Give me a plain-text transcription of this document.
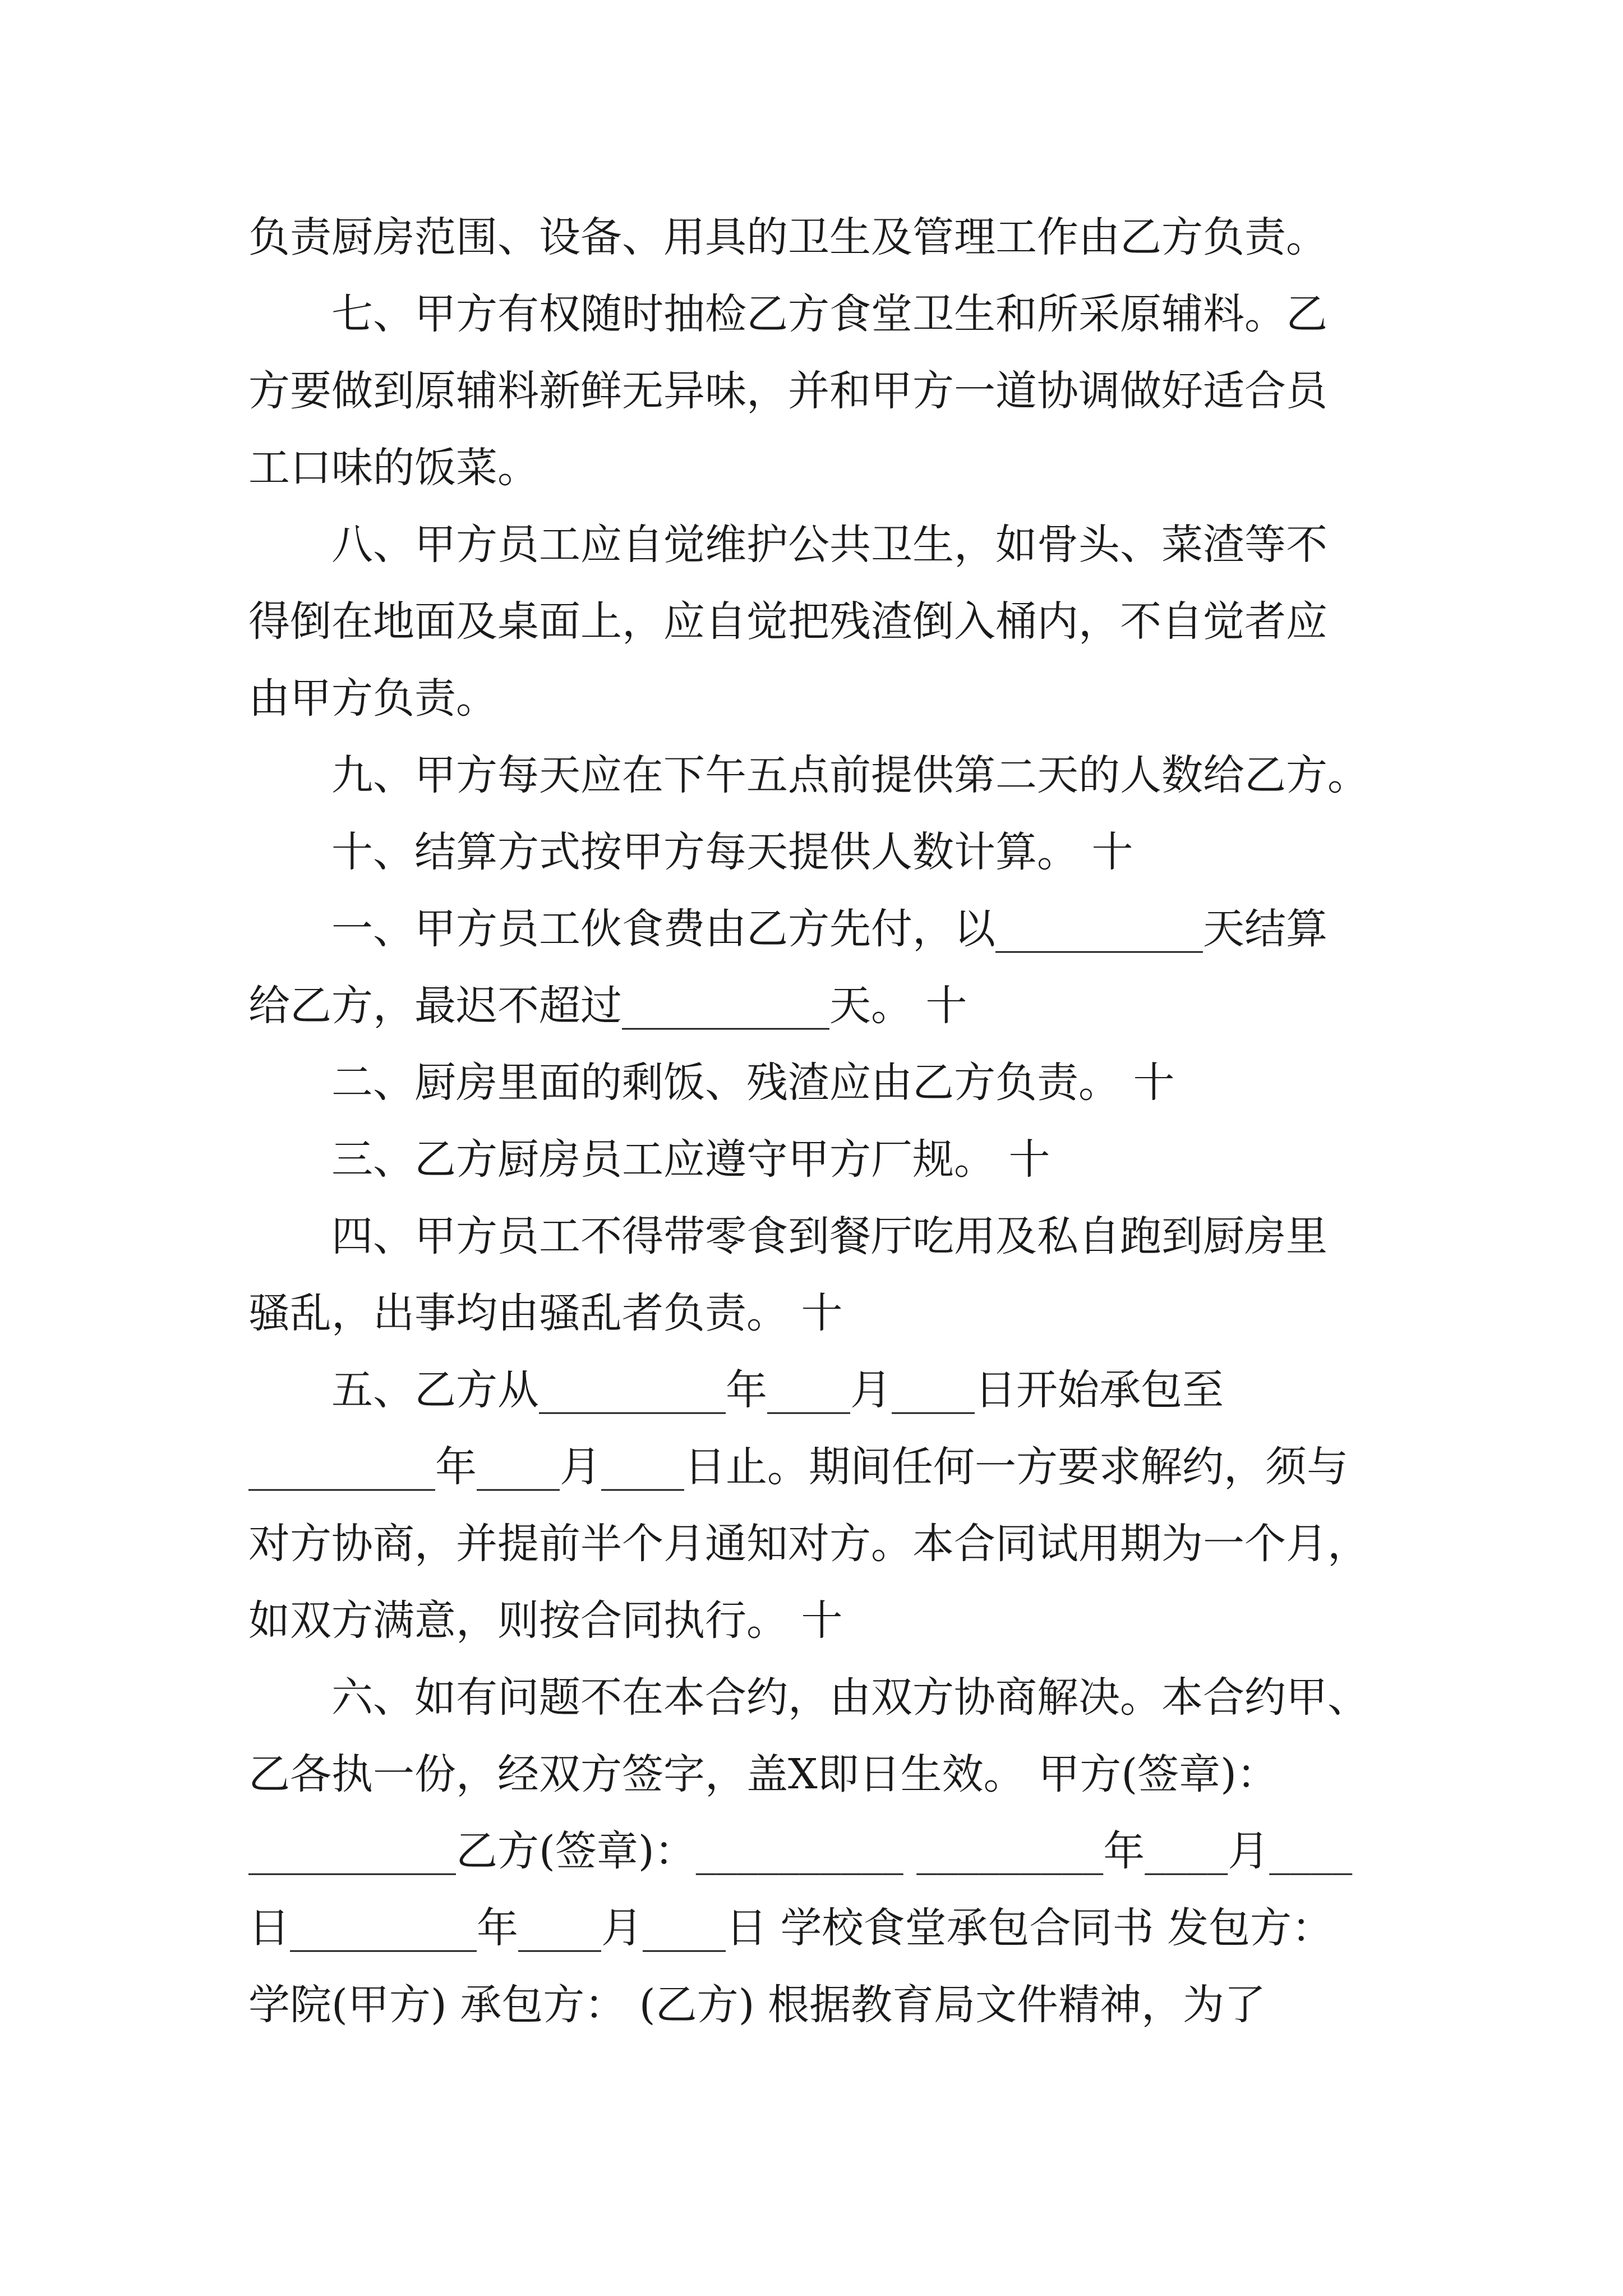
负责厨房范围、设备、用具的卫生及管理工作由乙方负责。

七、甲方有权随时抽检乙方食堂卫生和所采原辅料。乙
方要做到原辅料新鲜无异味，并和甲方一道协调做好适合员
工口味的饭菜。

八、甲方员工应自觉维护公共卫生，如骨头、菜渣等不
得倒在地面及桌面上，应自觉把残渣倒入桶内，不自觉者应
由甲方负责。

九、甲方每天应在下午五点前提供第二天的人数给乙方。

十、结算方式按甲方每天提供人数计算。 十

一、甲方员工伙食费由乙方先付，以__________天结算
给乙方，最迟不超过__________天。 十

二、厨房里面的剩饭、残渣应由乙方负责。 十

三、乙方厨房员工应遵守甲方厂规。 十

四、甲方员工不得带零食到餐厅吃用及私自跑到厨房里
骚乱，出事均由骚乱者负责。 十

五、乙方从_________年____月____日开始承包至
_________年____月____日止。期间任何一方要求解约，须与
对方协商，并提前半个月通知对方。本合同试用期为一个月，
如双方满意，则按合同执行。 十

六、如有问题不在本合约，由双方协商解决。本合约甲、
乙各执一份，经双方签字，盖X即日生效。 甲方(签章)：
__________乙方(签章)：__________ _________年____月____
日_________年____月____日 学校食堂承包合同书 发包方：
学院(甲方) 承包方： (乙方) 根据教育局文件精神，为了
